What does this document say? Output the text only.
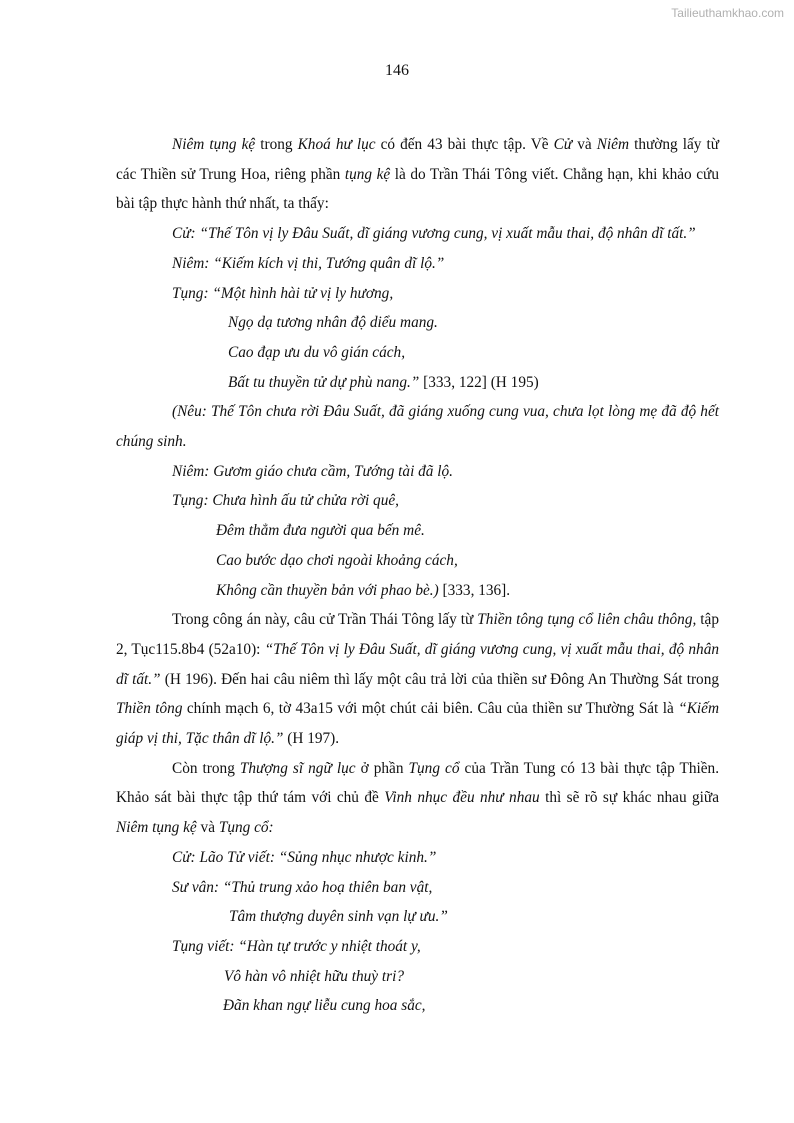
Tailieuthamkhao.com
146

Niêm tụng kệ trong Khoá hư lục có đến 43 bài thực tập. Về Cử và Niêm thường lấy từ các Thiền sử Trung Hoa, riêng phần tụng kệ là do Trần Thái Tông viết. Chẳng hạn, khi khảo cứu bài tập thực hành thứ nhất, ta thấy:

Cử: “Thế Tôn vị ly Đâu Suất, dĩ giáng vương cung, vị xuất mẫu thai, độ nhân dĩ tất.”

Niêm: “Kiếm kích vị thi, Tướng quân dĩ lộ.”

Tụng: “Một hình hài tử vị ly hương,

Ngọ dạ tương nhân độ diểu mang.

Cao đạp ưu du vô gián cách,

Bất tu thuyền tử dự phù nang.” [333, 122] (H 195)

(Nêu: Thế Tôn chưa rời Đâu Suất, đã giáng xuống cung vua, chưa lọt lòng mẹ đã độ hết chúng sinh.

Niêm: Gươm giáo chưa cầm, Tướng tài đã lộ.

Tụng: Chưa hình ấu tử chửa rời quê,

Đêm thẳm đưa người qua bến mê.

Cao bước dạo chơi ngoài khoảng cách,

Không cần thuyền bản với phao bè.) [333, 136].

Trong công án này, câu cử Trần Thái Tông lấy từ Thiền tông tụng cổ liên châu thông, tập 2, Tục115.8b4 (52a10): “Thế Tôn vị ly Đâu Suất, dĩ giáng vương cung, vị xuất mẫu thai, độ nhân dĩ tất.” (H 196). Đến hai câu niêm thì lấy một câu trả lời của thiền sư Đông An Thường Sát trong Thiền tông chính mạch 6, tờ 43a15 với một chút cải biên. Câu của thiền sư Thường Sát là “Kiếm giáp vị thi, Tặc thân dĩ lộ.” (H 197).

Còn trong Thượng sĩ ngữ lục ở phần Tụng cổ của Trần Tung có 13 bài thực tập Thiền. Khảo sát bài thực tập thứ tám với chủ đề Vinh nhục đều như nhau thì sẽ rõ sự khác nhau giữa Niêm tụng kệ và Tụng cổ:

Cử: Lão Tử viết: “Sủng nhục nhược kinh.”

Sư vân: “Thủ trung xảo hoạ thiên ban vật,

Tâm thượng duyên sinh vạn lự ưu.”

Tụng viết: “Hàn tự trước y nhiệt thoát y,

Vô hàn vô nhiệt hữu thuỳ tri?

Đãn khan ngự liễu cung hoa sắc,
